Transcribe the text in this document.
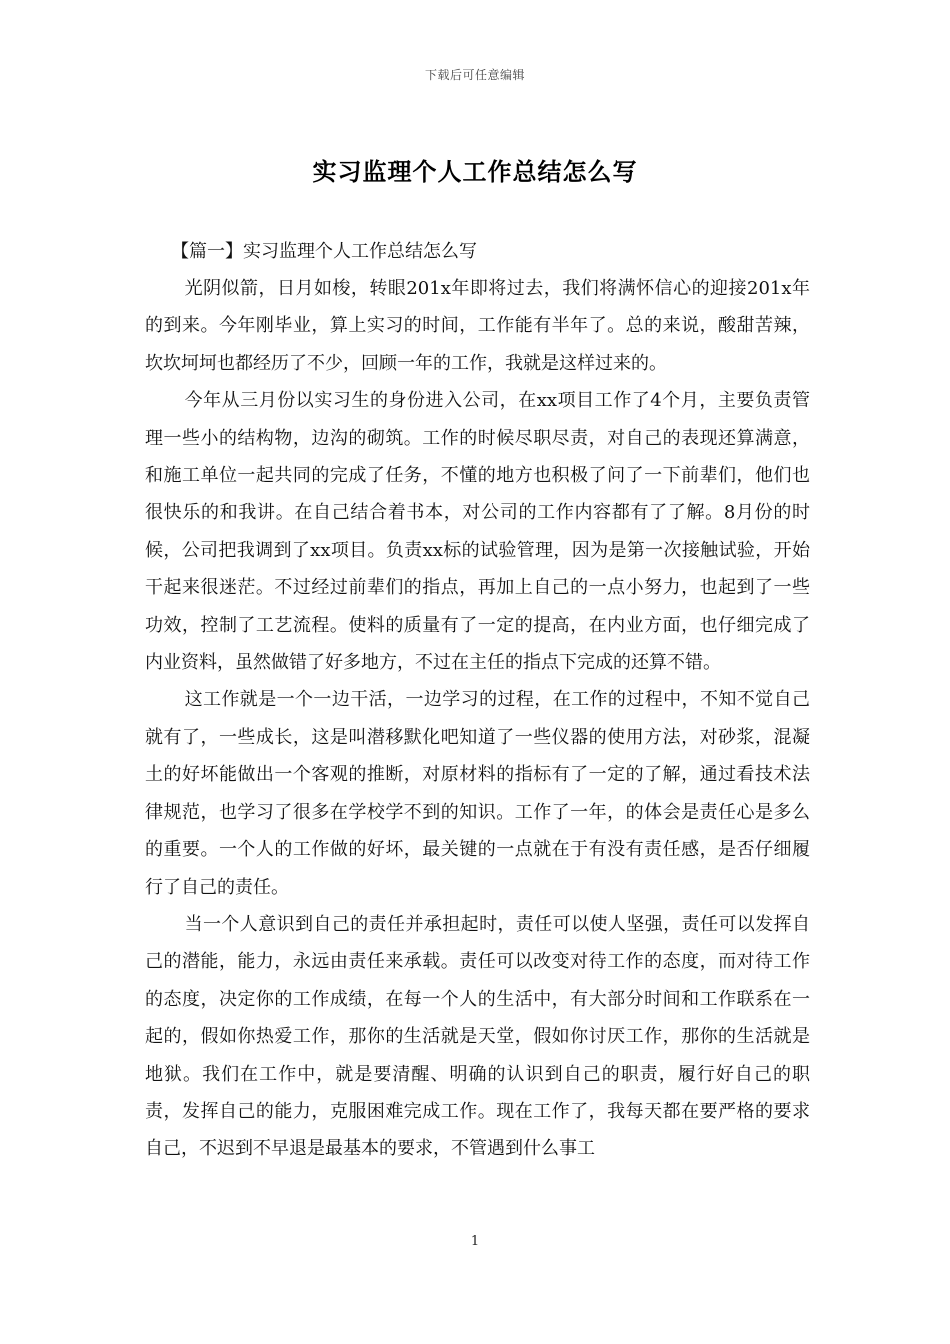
下载后可任意编辑
实习监理个人工作总结怎么写

【篇一】实习监理个人工作总结怎么写

光阴似箭，日月如梭，转眼201x年即将过去，我们将满怀信心的迎接201x年的到来。今年刚毕业，算上实习的时间，工作能有半年了。总的来说，酸甜苦辣，坎坎坷坷也都经历了不少，回顾一年的工作，我就是这样过来的。

今年从三月份以实习生的身份进入公司，在xx项目工作了4个月，主要负责管理一些小的结构物，边沟的砌筑。工作的时候尽职尽责，对自己的表现还算满意，和施工单位一起共同的完成了任务，不懂的地方也积极了问了一下前辈们，他们也很快乐的和我讲。在自己结合着书本，对公司的工作内容都有了了解。8月份的时候，公司把我调到了xx项目。负责xx标的试验管理，因为是第一次接触试验，开始干起来很迷茫。不过经过前辈们的指点，再加上自己的一点小努力，也起到了一些功效，控制了工艺流程。使料的质量有了一定的提高，在内业方面，也仔细完成了内业资料，虽然做错了好多地方，不过在主任的指点下完成的还算不错。

这工作就是一个一边干活，一边学习的过程，在工作的过程中，不知不觉自己就有了，一些成长，这是叫潜移默化吧知道了一些仪器的使用方法，对砂浆，混凝土的好坏能做出一个客观的推断，对原材料的指标有了一定的了解，通过看技术法律规范，也学习了很多在学校学不到的知识。工作了一年，的体会是责任心是多么的重要。一个人的工作做的好坏，最关键的一点就在于有没有责任感，是否仔细履行了自己的责任。

当一个人意识到自己的责任并承担起时，责任可以使人坚强，责任可以发挥自己的潜能，能力，永远由责任来承载。责任可以改变对待工作的态度，而对待工作的态度，决定你的工作成绩，在每一个人的生活中，有大部分时间和工作联系在一起的，假如你热爱工作，那你的生活就是天堂，假如你讨厌工作，那你的生活就是地狱。我们在工作中，就是要清醒、明确的认识到自己的职责，履行好自己的职责，发挥自己的能力，克服困难完成工作。现在工作了，我每天都在要严格的要求自己，不迟到不早退是最基本的要求，不管遇到什么事工

1
